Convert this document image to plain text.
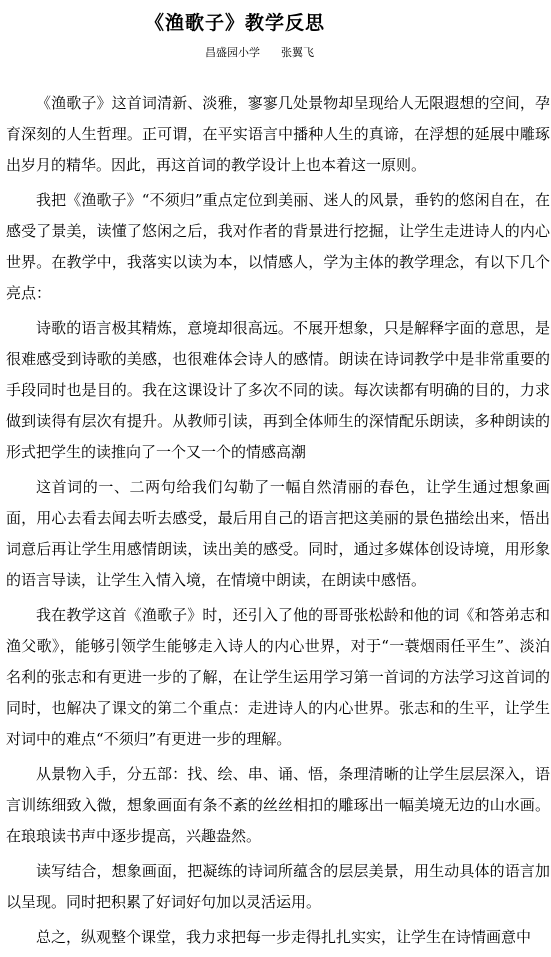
《渔歌子》教学反思
昌盛园小学      张翼飞

《渔歌子》这首词清新、淡雅，寥寥几处景物却呈现给人无限遐想的空间，孕育深刻的人生哲理。正可谓，在平实语言中播种人生的真谛，在浮想的延展中雕琢出岁月的精华。因此，再这首词的教学设计上也本着这一原则。

我把《渔歌子》“不须归”重点定位到美丽、迷人的风景，垂钓的悠闲自在，在感受了景美，读懂了悠闲之后，我对作者的背景进行挖掘，让学生走进诗人的内心世界。在教学中，我落实以读为本，以情感人，学为主体的教学理念，有以下几个亮点：

诗歌的语言极其精炼，意境却很高远。不展开想象，只是解释字面的意思，是很难感受到诗歌的美感，也很难体会诗人的感情。朗读在诗词教学中是非常重要的手段同时也是目的。我在这课设计了多次不同的读。每次读都有明确的目的，力求做到读得有层次有提升。从教师引读，再到全体师生的深情配乐朗读，多种朗读的形式把学生的读推向了一个又一个的情感高潮

这首词的一、二两句给我们勾勒了一幅自然清丽的春色，让学生通过想象画面，用心去看去闻去听去感受，最后用自己的语言把这美丽的景色描绘出来，悟出词意后再让学生用感情朗读，读出美的感受。同时，通过多媒体创设诗境，用形象的语言导读，让学生入情入境，在情境中朗读，在朗读中感悟。

我在教学这首《渔歌子》时，还引入了他的哥哥张松龄和他的词《和答弟志和渔父歌》，能够引领学生能够走入诗人的内心世界，对于“一蓑烟雨任平生”、淡泊名利的张志和有更进一步的了解，在让学生运用学习第一首词的方法学习这首词的同时，也解决了课文的第二个重点：走进诗人的内心世界。张志和的生平，让学生对词中的难点“不须归”有更进一步的理解。

从景物入手，分五部：找、绘、串、诵、悟，条理清晰的让学生层层深入，语言训练细致入微，想象画面有条不紊的丝丝相扣的雕琢出一幅美境无边的山水画。在琅琅读书声中逐步提高，兴趣盎然。

读写结合，想象画面，把凝练的诗词所蕴含的层层美景，用生动具体的语言加以呈现。同时把积累了好词好句加以灵活运用。

总之，纵观整个课堂，我力求把每一步走得扎扎实实，让学生在诗情画意中
